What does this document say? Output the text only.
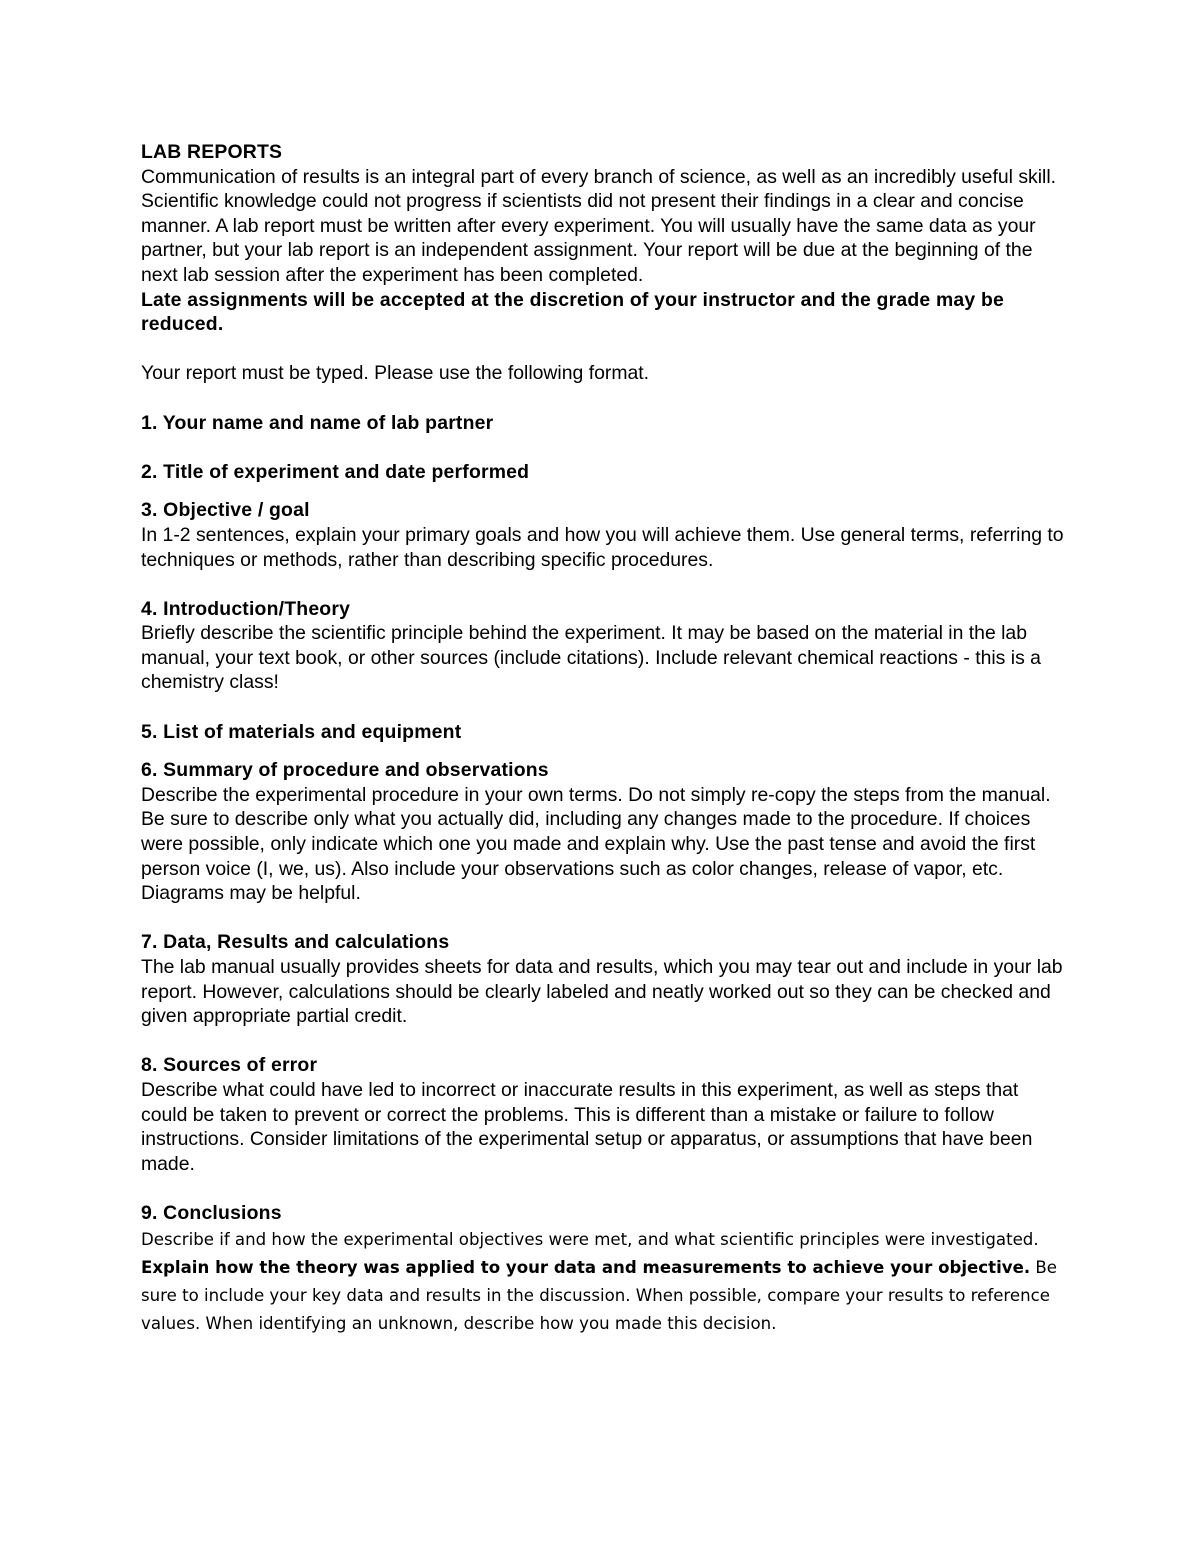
LAB REPORTS

Communication of results is an integral part of every branch of science, as well as an incredibly useful skill. Scientific knowledge could not progress if scientists did not present their findings in a clear and concise manner. A lab report must be written after every experiment. You will usually have the same data as your partner, but your lab report is an independent assignment. Your report will be due at the beginning of the next lab session after the experiment has been completed.

Late assignments will be accepted at the discretion of your instructor and the grade may be reduced.

Your report must be typed. Please use the following format.

1. Your name and name of lab partner

2. Title of experiment and date performed

3. Objective / goal

In 1-2 sentences, explain your primary goals and how you will achieve them. Use general terms, referring to techniques or methods, rather than describing specific procedures.

4. Introduction/Theory

Briefly describe the scientific principle behind the experiment. It may be based on the material in the lab manual, your text book, or other sources (include citations). Include relevant chemical reactions - this is a chemistry class!

5. List of materials and equipment

6. Summary of procedure and observations

Describe the experimental procedure in your own terms. Do not simply re-copy the steps from the manual. Be sure to describe only what you actually did, including any changes made to the procedure. If choices were possible, only indicate which one you made and explain why. Use the past tense and avoid the first person voice (I, we, us). Also include your observations such as color changes, release of vapor, etc. Diagrams may be helpful.

7. Data, Results and calculations

The lab manual usually provides sheets for data and results, which you may tear out and include in your lab report. However, calculations should be clearly labeled and neatly worked out so they can be checked and given appropriate partial credit.

8. Sources of error

Describe what could have led to incorrect or inaccurate results in this experiment, as well as steps that could be taken to prevent or correct the problems. This is different than a mistake or failure to follow instructions. Consider limitations of the experimental setup or apparatus, or assumptions that have been made.

9. Conclusions

Describe if and how the experimental objectives were met, and what scientific principles were investigated. Explain how the theory was applied to your data and measurements to achieve your objective. Be sure to include your key data and results in the discussion. When possible, compare your results to reference values. When identifying an unknown, describe how you made this decision.
